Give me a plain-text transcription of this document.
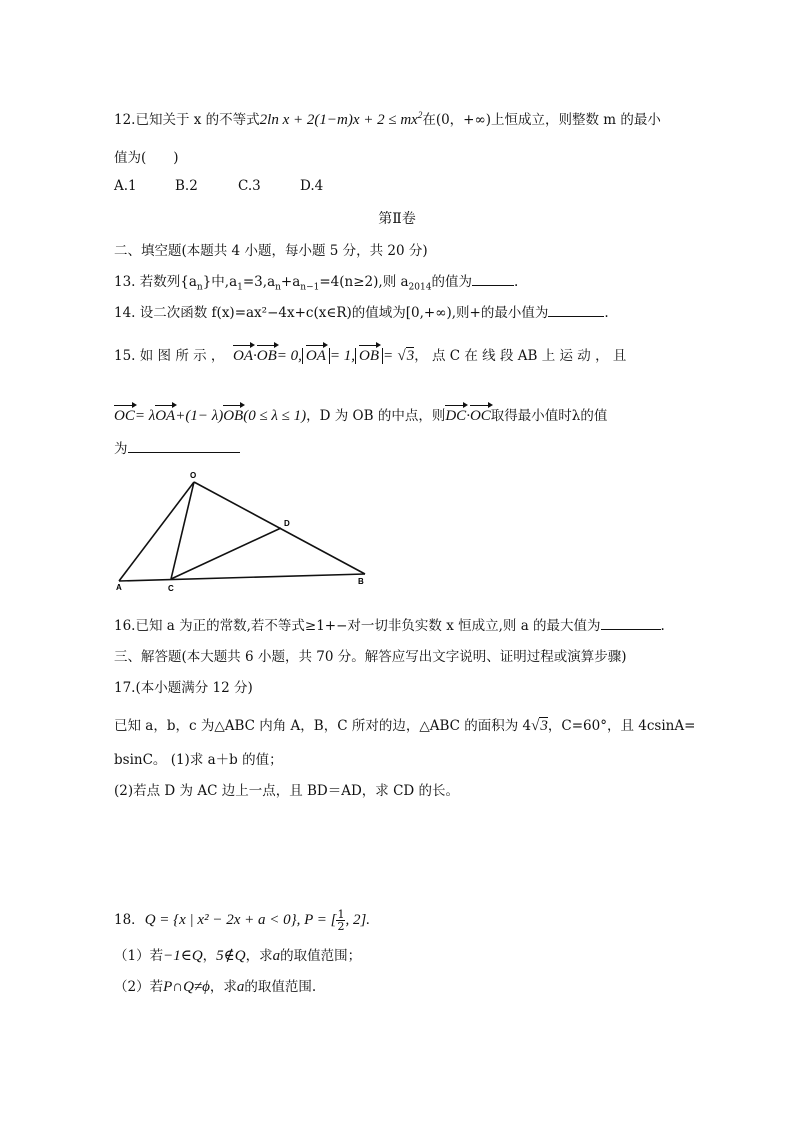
12.已知关于 x 的不等式2ln $x + 2(1-m)x + 2 \le mx^2$在(0，+∞)上恒成立，则整数 m 的最小
值为(　　)
A.1	B.2	C.3	D.4
第Ⅱ卷
二、填空题(本题共 4 小题，每小题 5 分，共 20 分)
13. 若数列$\{a_n\}$中$,a_1=3,a_n+a_{n-1}=4(n\ge 2)$,则 $a_{2014}$的值为	.
14. 设二次函数 f(x)=ax²−4x+c(x∈R)的值域为[0,+∞),则+的最小值为	.
15. 如 图 所 示 ， OA·OB= 0, OA = 1, OB = √3， 点 C 在 线 段 AB 上 运 动 ， 且
OC= λOA+(1− λ)OB(0 ≤ λ ≤ 1)，D 为 OB 的中点，则DC·OC取得最小值时λ的值
为
O
A	C
D
B
16.已知 a 为正的常数,若不等式≥1+−对一切非负实数 x 恒成立,则 a 的最大值为	.
三、解答题(本大题共 6 小题，共 70 分。解答应写出文字说明、证明过程或演算步骤)
17.(本小题满分 12 分)
已知 a，b，c 为△ABC 内角 A，B，C 所对的边，△ABC 的面积为 4√3，C=60°，且 4csinA=
bsinC。 (1)求 a＋b 的值；
(2)若点 D 为 AC 边上一点，且 BD＝AD，求 CD 的长。
18．Q = {x | x² − 2x + a < 0}, P = [ $\frac{1}{2}$ , 2].
（1）若−1∈Q，5∉Q，求a的取值范围；
（2）若P∩Q≠ϕ，求a的取值范围.
